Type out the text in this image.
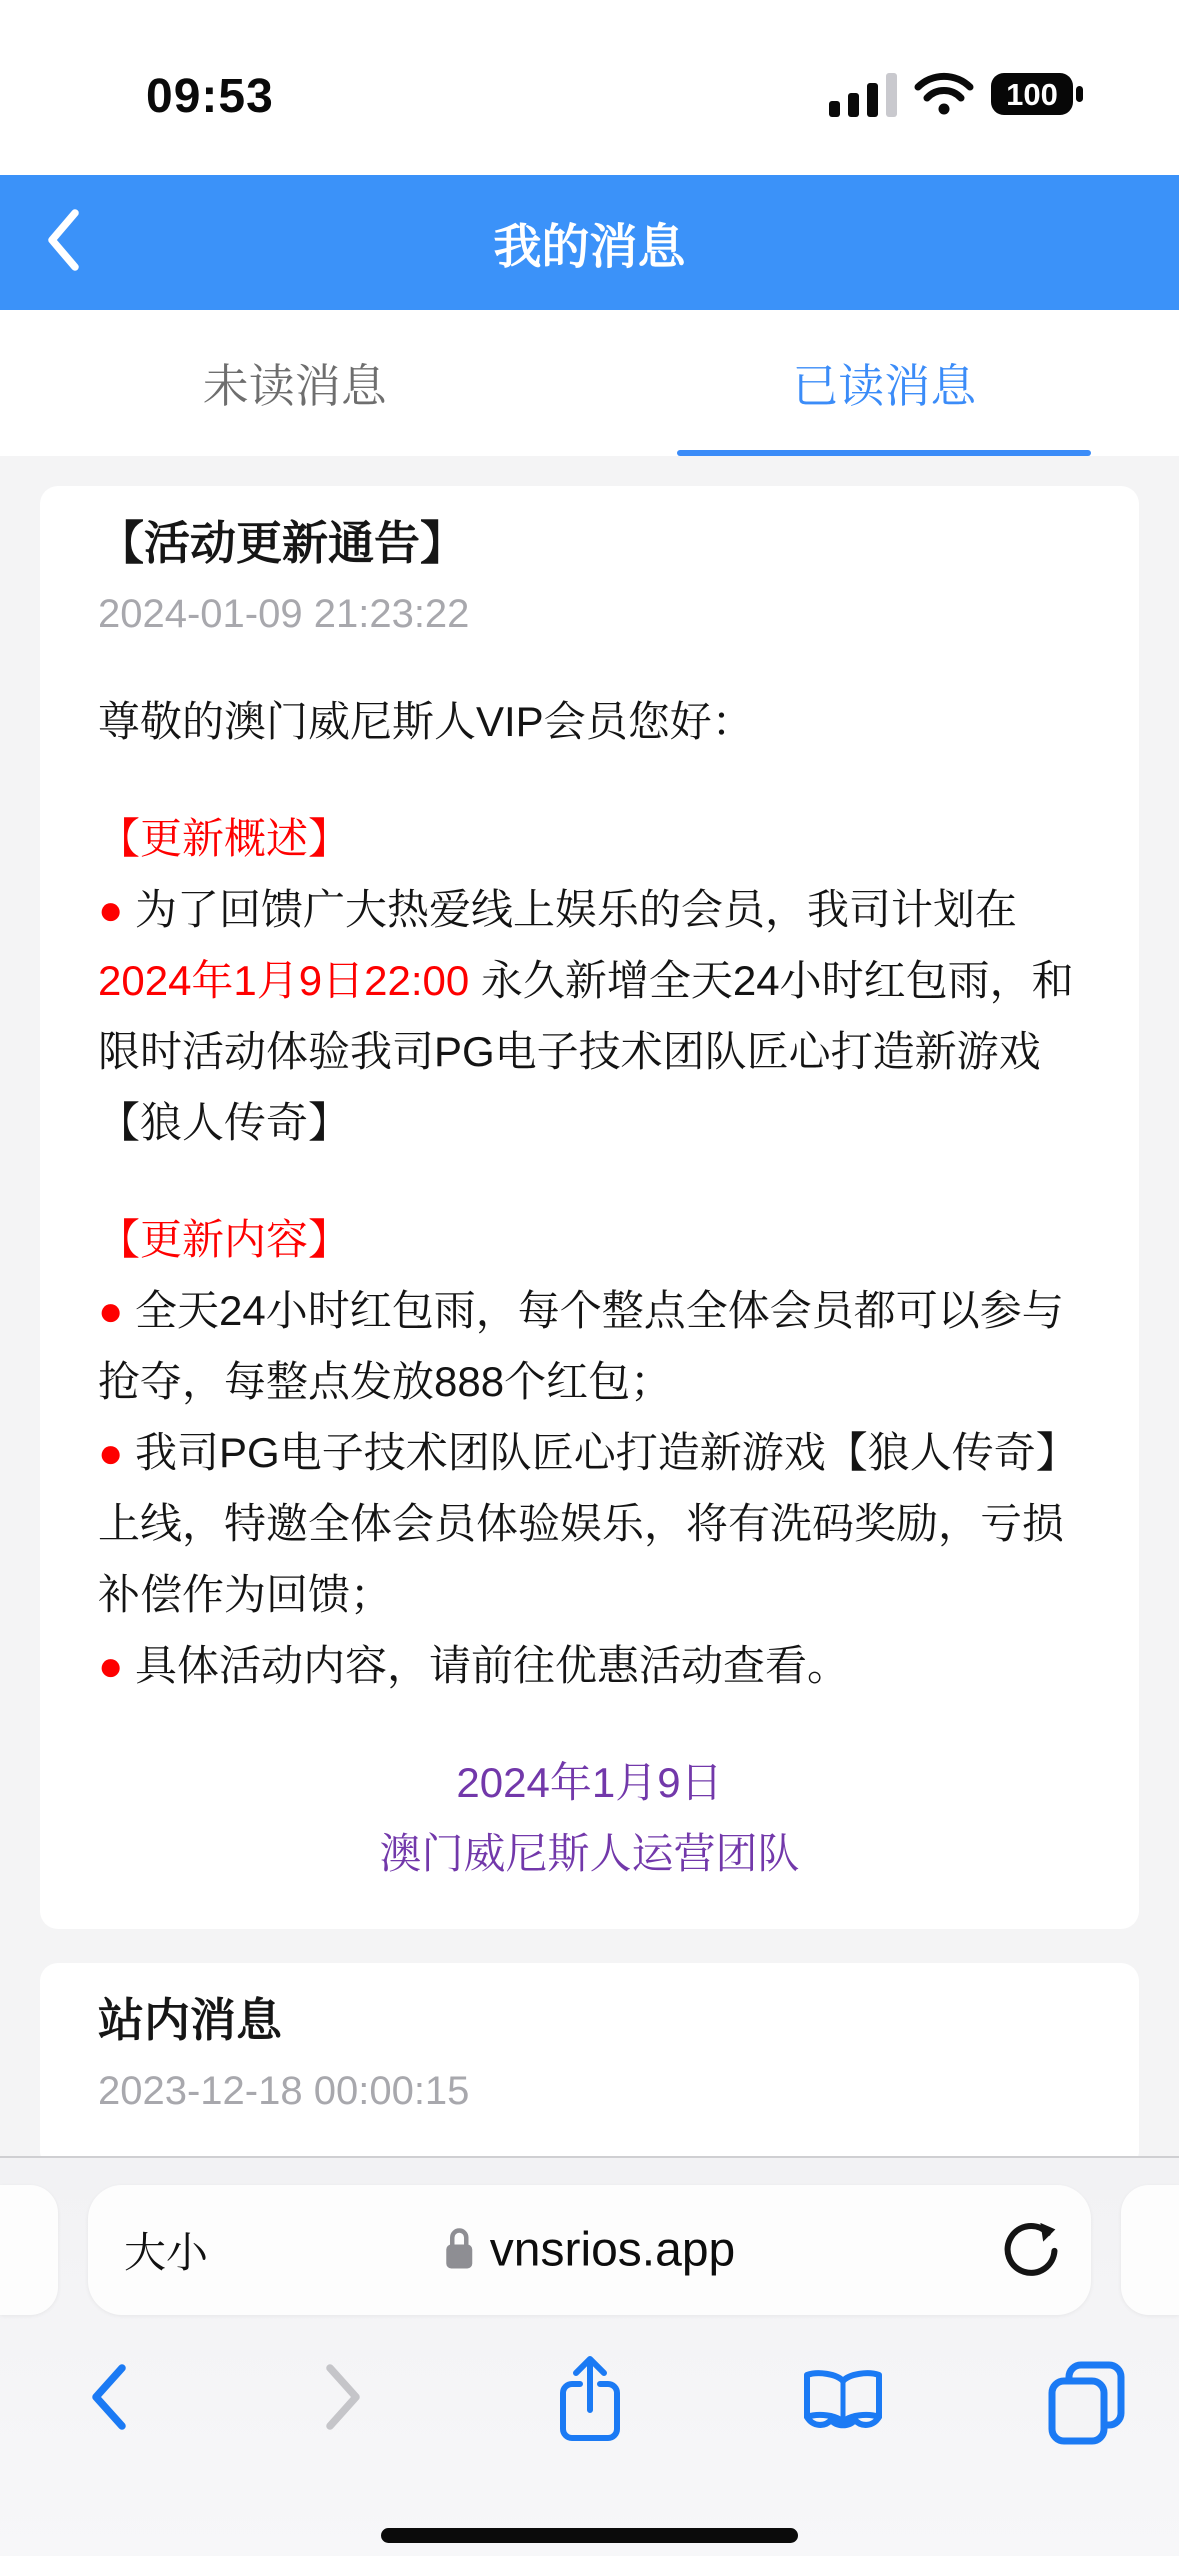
09:53	100
我的消息
未读消息	已读消息
【活动更新通告】
2024-01-09 21:23:22
尊敬的澳门威尼斯人VIP会员您好：
【更新概述】
● 为了回馈广大热爱线上娱乐的会员，我司计划在 2024年1月9日22:00 永久新增全天24小时红包雨，和限时活动体验我司PG电子技术团队匠心打造新游戏【狼人传奇】
【更新内容】
● 全天24小时红包雨，每个整点全体会员都可以参与抢夺，每整点发放888个红包；
● 我司PG电子技术团队匠心打造新游戏【狼人传奇】上线，特邀全体会员体验娱乐，将有洗码奖励，亏损补偿作为回馈；
● 具体活动内容，请前往优惠活动查看。
2024年1月9日
澳门威尼斯人运营团队
站内消息
2023-12-18 00:00:15
大小	vnsrios.app
